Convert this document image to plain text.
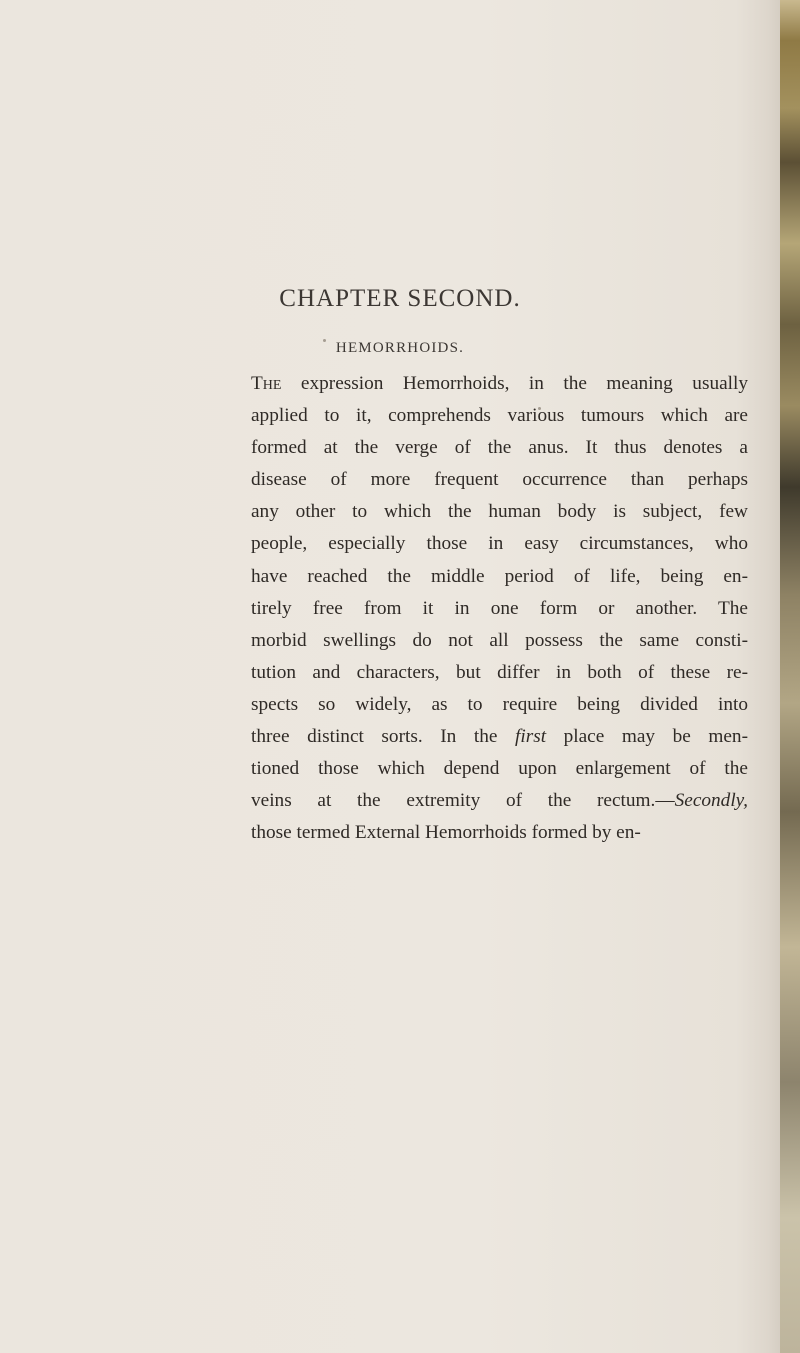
CHAPTER SECOND.
HEMORRHOIDS.
The expression Hemorrhoids, in the meaning usually
applied to it, comprehends various tumours which are
formed at the verge of the anus. It thus denotes a
disease of more frequent occurrence than perhaps
any other to which the human body is subject, few
people, especially those in easy circumstances, who
have reached the middle period of life, being en-
tirely free from it in one form or another. The
morbid swellings do not all possess the same consti-
tution and characters, but differ in both of these re-
spects so widely, as to require being divided into
three distinct sorts. In the first place may be men-
tioned those which depend upon enlargement of the
veins at the extremity of the rectum.—Secondly,
those termed External Hemorrhoids formed by en-
